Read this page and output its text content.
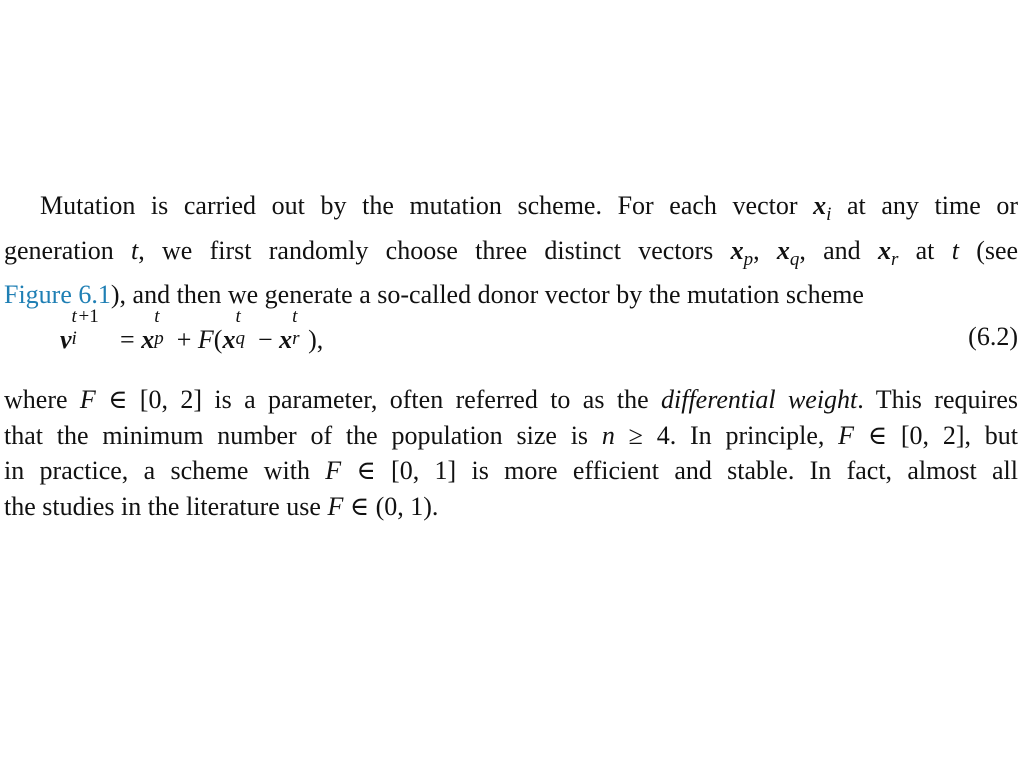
Mutation is carried out by the mutation scheme. For each vector $x_i$ at any time or
generation t, we first randomly choose three distinct vectors $x_p$, $x_q$, and $x_r$ at t (see
Figure 6.1), and then we generate a so-called donor vector by the mutation scheme
v
t +1
i = x
t
p + F(x
t
q − x
t
r ),	(6.2)
where F ∈ [0, 2] is a parameter, often referred to as the differential weight. This requires
that the minimum number of the population size is n ≥ 4. In principle, F ∈ [0, 2], but
in practice, a scheme with F ∈ [0, 1] is more efficient and stable. In fact, almost all
the studies in the literature use F ∈ (0, 1).
